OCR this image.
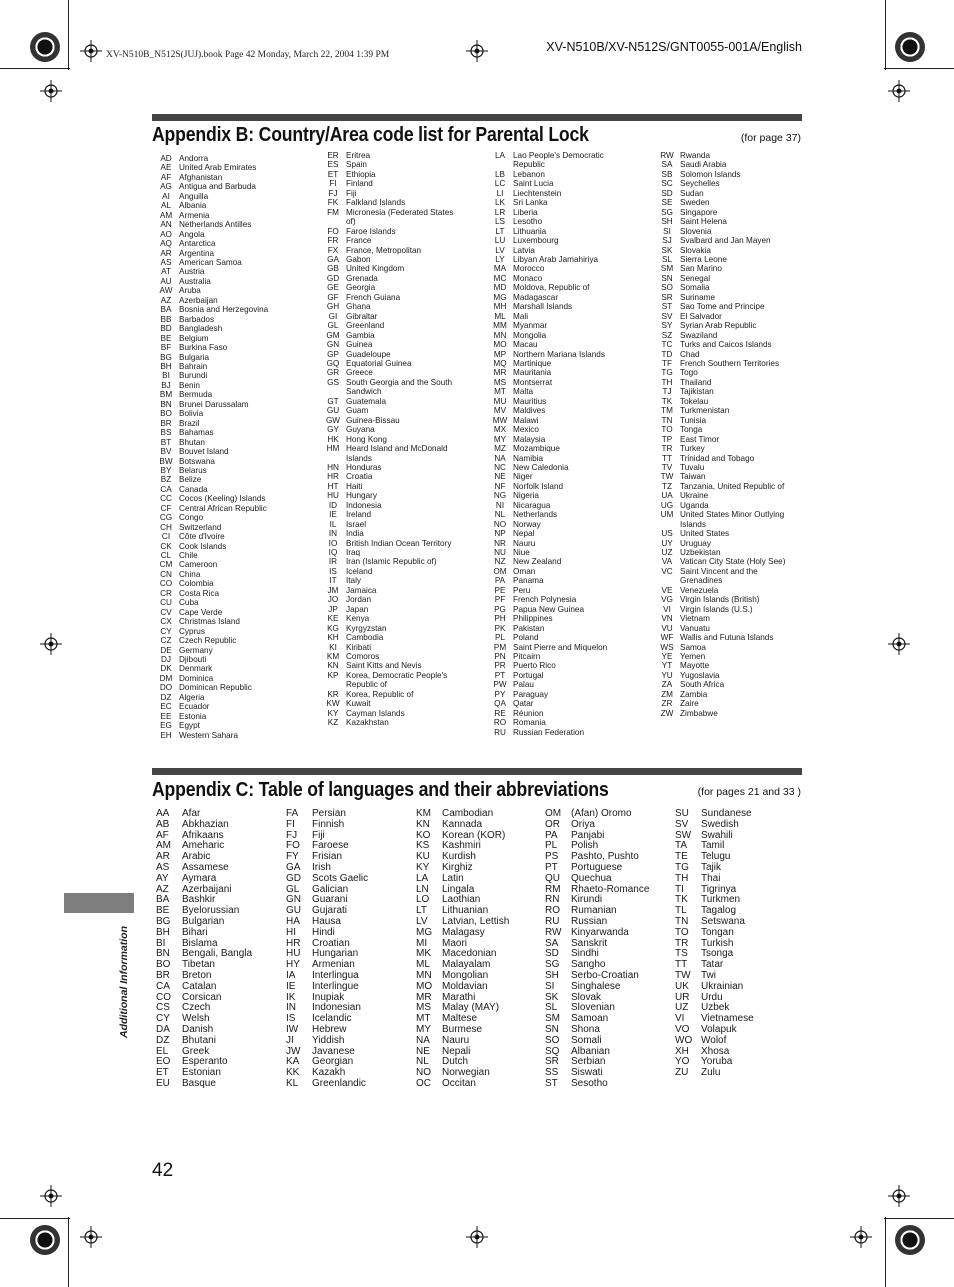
XV-N510B_N512S(JUJ).book Page 42 Monday, March 22, 2004 1:39 PM
XV-N510B/XV-N512S/GNT0055-001A/English
Appendix B: Country/Area code list for Parental Lock	(for page 37)
AD Andorra
AE United Arab Emirates
AF Afghanistan
AG Antigua and Barbuda
AI	Anguilla
AL Albania
AM Armenia
AN Netherlands Antilles
AO Angola
AQ Antarctica
AR Argentina
AS American Samoa
AT Austria
AU Australia
AW Aruba
AZ Azerbaijan
BA Bosnia and Herzegovina
BB Barbados
BD Bangladesh
BE Belgium
BF Burkina Faso
BG Bulgaria
BH Bahrain
BI	Burundi
BJ	Benin
BM Bermuda
BN Brunei Darussalam
BO Bolivia
BR Brazil
BS Bahamas
BT Bhutan
BV Bouvet Island
BW Botswana
BY Belarus
BZ Belize
CA Canada
CC Cocos (Keeling) Islands
CF Central African Republic
CG Congo
CH Switzerland
CI	Côte d'Ivoire
CK Cook Islands
CL Chile
CM Cameroon
CN China
CO Colombia
CR Costa Rica
CU Cuba
CV Cape Verde
CX Christmas Island
CY Cyprus
CZ Czech Republic
DE Germany
DJ Djibouti
DK Denmark
DM Dominica
DO Dominican Republic
DZ Algeria
EC Ecuador
EE Estonia
EG Egypt
EH Western Sahara
ER Eritrea
ES Spain
ET Ethiopia
FI	Finland
FJ	Fiji
FK Falkland Islands
FM Micronesia (Federated States
of)
FO Faroe Islands
FR France
FX France, Metropolitan
GA Gabon
GB United Kingdom
GD Grenada
GE Georgia
GF French Guiana
GH Ghana
GI	Gibraltar
GL Greenland
GM Gambia
GN Guinea
GP Guadeloupe
GQ Equatorial Guinea
GR Greece
GS South Georgia and the South
Sandwich
GT Guatemala
GU Guam
GW Guinea-Bissau
GY Guyana
HK Hong Kong
HM Heard Island and McDonald
Islands
HN Honduras
HR Croatia
HT Haiti
HU Hungary
ID	Indonesia
IE	Ireland
IL	Israel
IN	India
IO	British Indian Ocean Territory
IQ	Iraq
IR	Iran (Islamic Republic of)
IS	Iceland
IT	Italy
JM Jamaica
JO Jordan
JP	Japan
KE Kenya
KG Kyrgyzstan
KH Cambodia
KI	Kiribati
KM Comoros
KN Saint Kitts and Nevis
KP Korea, Democratic People's
Republic of
KR Korea, Republic of
KW Kuwait
KY Cayman Islands
KZ Kazakhstan
LA Lao People's Democratic
Republic
LB Lebanon
LC Saint Lucia
LI	Liechtenstein
LK Sri Lanka
LR Liberia
LS Lesotho
LT	Lithuania
LU Luxembourg
LV	Latvia
LY	Libyan Arab Jamahiriya
MA Morocco
MC Monaco
MD Moldova, Republic of
MG Madagascar
MH Marshall Islands
ML Mali
MM Myanmar
MN Mongolia
MO Macau
MP Northern Mariana Islands
MQ Martinique
MR Mauritania
MS Montserrat
MT Malta
MU Mauritius
MV Maldives
MW Malawi
MX Mexico
MY Malaysia
MZ Mozambique
NA Namibia
NC New Caledonia
NE Niger
NF Norfolk Island
NG Nigeria
NI	Nicaragua
NL Netherlands
NO Norway
NP Nepal
NR Nauru
NU Niue
NZ New Zealand
OM Oman
PA Panama
PE Peru
PF French Polynesia
PG Papua New Guinea
PH Philippines
PK Pakistan
PL Poland
PM Saint Pierre and Miquelon
PN Pitcairn
PR Puerto Rico
PT Portugal
PW Palau
PY Paraguay
QA Qatar
RE Réunion
RO Romania
RU Russian Federation
RW Rwanda
SA Saudi Arabia
SB Solomon Islands
SC Seychelles
SD Sudan
SE Sweden
SG Singapore
SH Saint Helena
SI	Slovenia
SJ	Svalbard and Jan Mayen
SK Slovakia
SL Sierra Leone
SM San Marino
SN Senegal
SO Somalia
SR Suriname
ST Sao Tome and Principe
SV El Salvador
SY Syrian Arab Republic
SZ Swaziland
TC Turks and Caicos Islands
TD Chad
TF French Southern Territories
TG Togo
TH Thailand
TJ	Tajikistan
TK Tokelau
TM Turkmenistan
TN Tunisia
TO Tonga
TP East Timor
TR Turkey
TT Trinidad and Tobago
TV Tuvalu
TW Taiwan
TZ Tanzania, United Republic of
UA Ukraine
UG Uganda
UM United States Minor Outlying
Islands
US United States
UY Uruguay
UZ Uzbekistan
VA Vatican City State (Holy See)
VC Saint Vincent and the
Grenadines
VE Venezuela
VG Virgin Islands (British)
VI	Virgin Islands (U.S.)
VN Vietnam
VU Vanuatu
WF Wallis and Futuna Islands
WS Samoa
YE Yemen
YT Mayotte
YU Yugoslavia
ZA South Africa
ZM Zambia
ZR Zaire
ZW Zimbabwe
Appendix C: Table of languages and their abbreviations	(for pages 21 and 33 )
AA	Afar
AB	Abkhazian
AF	Afrikaans
AM	Ameharic
AR	Arabic
AS	Assamese
AY	Aymara
AZ	Azerbaijani
BA	Bashkir
BE	Byelorussian
BG	Bulgarian
BH	Bihari
BI	Bislama
BN	Bengali, Bangla
BO	Tibetan
BR	Breton
CA	Catalan
CO	Corsican
CS	Czech
CY	Welsh
DA	Danish
DZ	Bhutani
EL	Greek
EO	Esperanto
ET	Estonian
EU	Basque
FA	Persian
FI	Finnish
FJ	Fiji
FO	Faroese
FY	Frisian
GA	Irish
GD	Scots Gaelic
GL	Galician
GN	Guarani
GU	Gujarati
HA	Hausa
HI	Hindi
HR	Croatian
HU	Hungarian
HY	Armenian
IA	Interlingua
IE	Interlingue
IK	Inupiak
IN	Indonesian
IS	Icelandic
IW	Hebrew
JI	Yiddish
JW	Javanese
KA	Georgian
KK	Kazakh
KL	Greenlandic
KM	Cambodian
KN	Kannada
KO	Korean (KOR)
KS	Kashmiri
KU	Kurdish
KY	Kirghiz
LA	Latin
LN	Lingala
LO	Laothian
LT	Lithuanian
LV	Latvian, Lettish
MG Malagasy
MI	Maori
MK	Macedonian
ML	Malayalam
MN	Mongolian
MO Moldavian
MR	Marathi
MS	Malay (MAY)
MT	Maltese
MY	Burmese
NA	Nauru
NE	Nepali
NL	Dutch
NO	Norwegian
OC	Occitan
OM (Afan) Oromo
OR	Oriya
PA	Panjabi
PL	Polish
PS	Pashto, Pushto
PT	Portuguese
QU	Quechua
RM	Rhaeto-Romance
RN	Kirundi
RO	Rumanian
RU	Russian
RW Kinyarwanda
SA	Sanskrit
SD	Sindhi
SG	Sangho
SH	Serbo-Croatian
SI	Singhalese
SK	Slovak
SL	Slovenian
SM	Samoan
SN	Shona
SO	Somali
SQ	Albanian
SR	Serbian
SS	Siswati
ST	Sesotho
SU	Sundanese
SV	Swedish
SW Swahili
TA	Tamil
TE	Telugu
TG	Tajik
TH	Thai
TI	Tigrinya
TK	Turkmen
TL	Tagalog
TN	Setswana
TO	Tongan
TR	Turkish
TS	Tsonga
TT	Tatar
TW	Twi
UK	Ukrainian
UR	Urdu
UZ	Uzbek
VI	Vietnamese
VO	Volapuk
WO Wolof
XH	Xhosa
YO	Yoruba
ZU	Zulu
Additional Information
42
